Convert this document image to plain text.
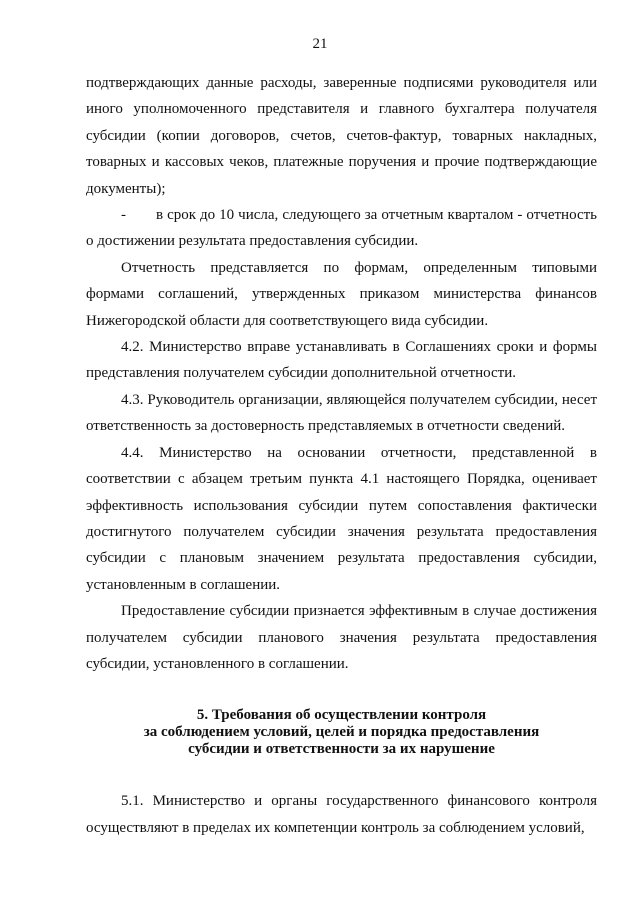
21

подтверждающих данные расходы, заверенные подписями руководителя или иного уполномоченного представителя и главного бухгалтера получателя субсидии (копии договоров, счетов, счетов-фактур, товарных накладных, товарных и кассовых чеков, платежные поручения и прочие подтверждающие документы);

-  в срок до 10 числа, следующего за отчетным кварталом - отчетность о достижении результата предоставления субсидии.

Отчетность представляется по формам, определенным типовыми формами соглашений, утвержденных приказом министерства финансов Нижегородской области для соответствующего вида субсидии.

4.2. Министерство вправе устанавливать в Соглашениях сроки и формы представления получателем субсидии дополнительной отчетности.

4.3. Руководитель организации, являющейся получателем субсидии, несет ответственность за достоверность представляемых в отчетности сведений.

4.4. Министерство на основании отчетности, представленной в соответствии с абзацем третьим пункта 4.1 настоящего Порядка, оценивает эффективность использования субсидии путем сопоставления фактически достигнутого получателем субсидии значения результата предоставления субсидии с плановым значением результата предоставления субсидии, установленным в соглашении.

Предоставление субсидии признается эффективным в случае достижения получателем субсидии планового значения результата предоставления субсидии, установленного в соглашении.

5. Требования об осуществлении контроля
за соблюдением условий, целей и порядка предоставления
субсидии и ответственности за их нарушение

5.1. Министерство и органы государственного финансового контроля осуществляют в пределах их компетенции контроль за соблюдением условий,
